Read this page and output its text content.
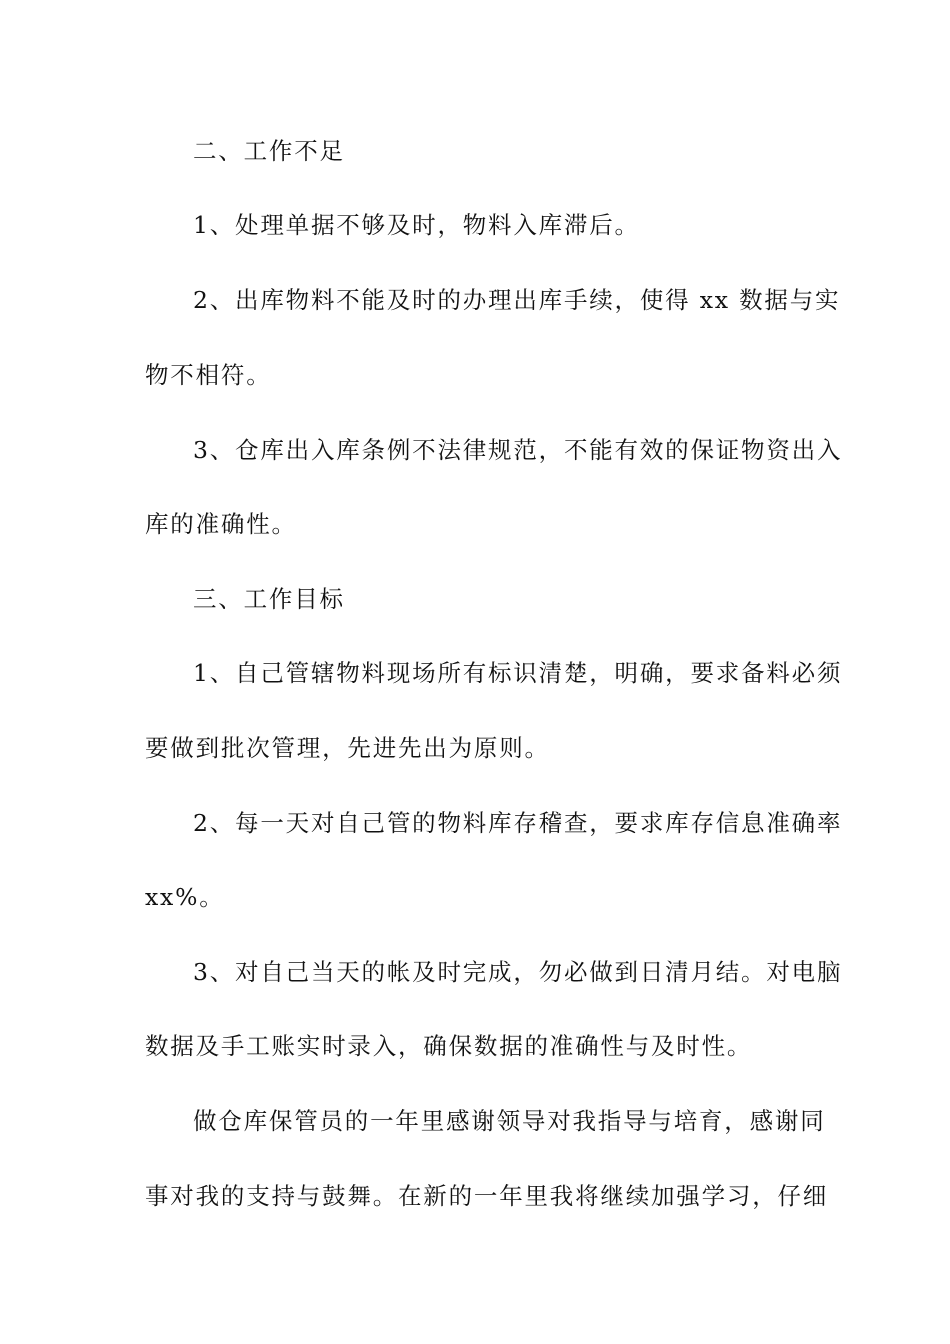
二、工作不足
1、处理单据不够及时，物料入库滞后。
2、出库物料不能及时的办理出库手续，使得 xx 数据与实
物不相符。
3、仓库出入库条例不法律规范，不能有效的保证物资出入
库的准确性。
三、工作目标
1、自己管辖物料现场所有标识清楚，明确，要求备料必须
要做到批次管理，先进先出为原则。
2、每一天对自己管的物料库存稽查，要求库存信息准确率
xx%。
3、对自己当天的帐及时完成，勿必做到日清月结。对电脑
数据及手工账实时录入，确保数据的准确性与及时性。
做仓库保管员的一年里感谢领导对我指导与培育，感谢同
事对我的支持与鼓舞。在新的一年里我将继续加强学习，仔细
